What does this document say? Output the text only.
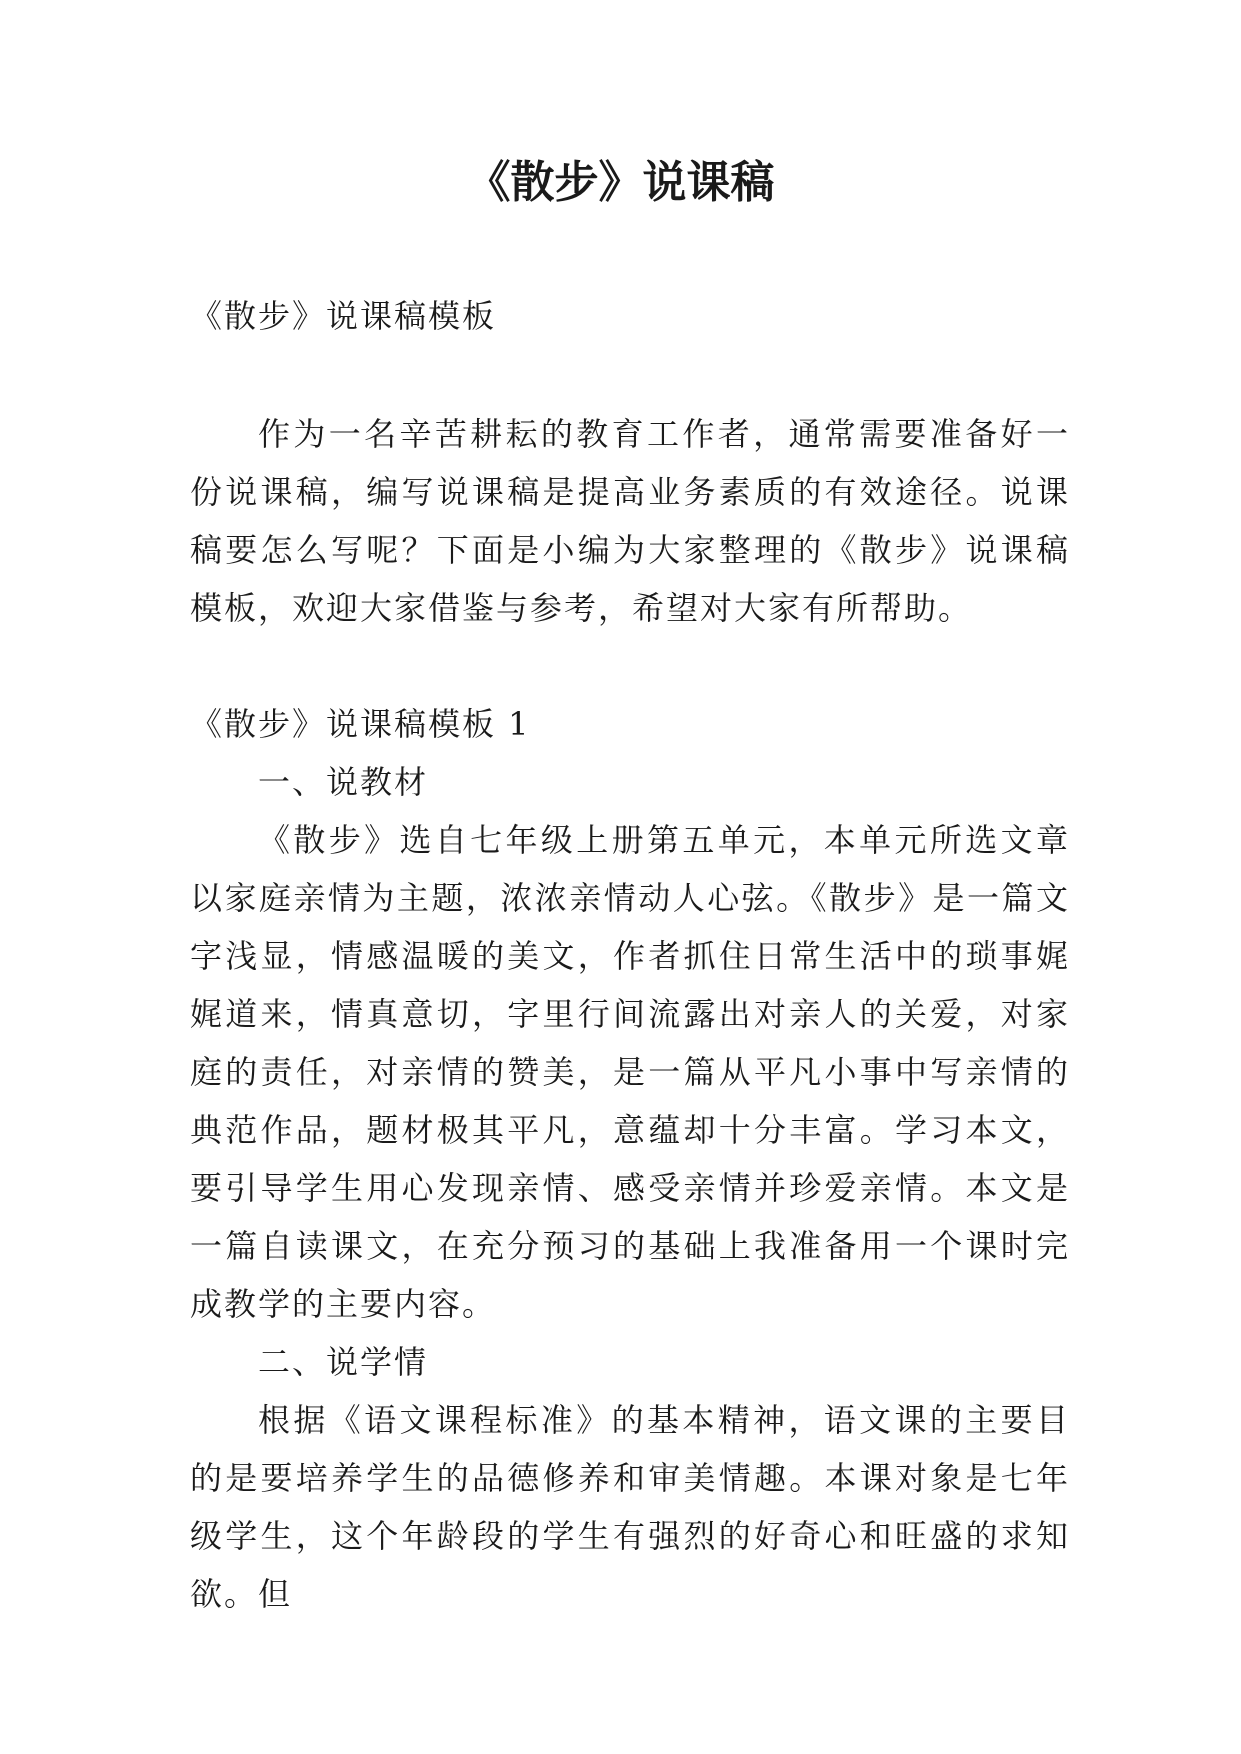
《散步》说课稿

《散步》说课稿模板

作为一名辛苦耕耘的教育工作者，通常需要准备好一份说课稿，编写说课稿是提高业务素质的有效途径。说课稿要怎么写呢？下面是小编为大家整理的《散步》说课稿模板，欢迎大家借鉴与参考，希望对大家有所帮助。

《散步》说课稿模板 1
一、说教材
《散步》选自七年级上册第五单元，本单元所选文章以家庭亲情为主题，浓浓亲情动人心弦。《散步》是一篇文字浅显，情感温暖的美文，作者抓住日常生活中的琐事娓娓道来，情真意切，字里行间流露出对亲人的关爱，对家庭的责任，对亲情的赞美，是一篇从平凡小事中写亲情的典范作品，题材极其平凡，意蕴却十分丰富。学习本文，要引导学生用心发现亲情、感受亲情并珍爱亲情。本文是一篇自读课文，在充分预习的基础上我准备用一个课时完成教学的主要内容。
二、说学情
根据《语文课程标准》的基本精神，语文课的主要目的是要培养学生的品德修养和审美情趣。本课对象是七年级学生，这个年龄段的学生有强烈的好奇心和旺盛的求知欲。但
